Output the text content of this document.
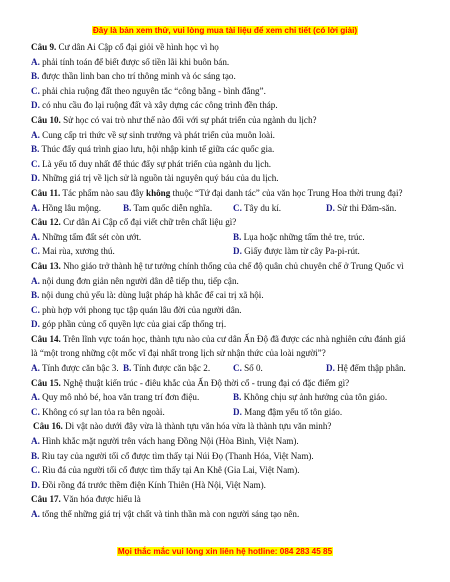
Đây là bản xem thử, vui lòng mua tài liệu để xem chi tiết (có lời giải)
Câu 9. Cư dân Ai Cập cổ đại giỏi về hình học vì họ
A. phải tính toán để biết được số tiền lãi khi buôn bán.
B. được thần linh ban cho trí thông minh và óc sáng tạo.
C. phải chia ruộng đất theo nguyên tắc “công bằng - bình đẳng”.
D. có nhu cầu đo lại ruộng đất và xây dựng các công trình đền tháp.
Câu 10. Sử học có vai trò như thế nào đối với sự phát triển của ngành du lịch?
A. Cung cấp tri thức về sự sinh trưởng và phát triển của muôn loài.
B. Thúc đẩy quá trình giao lưu, hội nhập kinh tế giữa các quốc gia.
C. Là yếu tố duy nhất để thúc đẩy sự phát triển của ngành du lịch.
D. Những giá trị về lịch sử là nguồn tài nguyên quý báu của du lịch.
Câu 11. Tác phẩm nào sau đây không thuộc “Tứ đại danh tác” của văn học Trung Hoa thời trung đại?
A. Hồng lâu mộng.	B. Tam quốc diễn nghĩa.	C. Tây du kí.	D. Sử thi Đăm-săn.
Câu 12. Cư dân Ai Cập cổ đại viết chữ trên chất liệu gì?
A. Những tấm đất sét còn ướt.	B. Lụa hoặc những tấm thẻ tre, trúc.
C. Mai rùa, xương thú.	D. Giấy được làm từ cây Pa-pi-rút.
Câu 13. Nho giáo trở thành hệ tư tưởng chính thống của chế độ quân chủ chuyên chế ở Trung Quốc vì
A. nội dung đơn giản nên người dân dễ tiếp thu, tiếp cận.
B. nội dung chủ yếu là: dùng luật pháp hà khắc để cai trị xã hội.
C. phù hợp với phong tục tập quán lâu đời của người dân.
D. góp phần củng cố quyền lực của giai cấp thống trị.
Câu 14. Trên lĩnh vực toán học, thành tựu nào của cư dân Ấn Độ đã được các nhà nghiên cứu đánh giá
là “một trong những cột mốc vĩ đại nhất trong lịch sử nhận thức của loài người”?
A. Tính được căn bậc 3. B. Tính được căn bậc 2.	C. Số 0.	D. Hệ đếm thập phân.
Câu 15. Nghệ thuật kiến trúc - điêu khắc của Ấn Độ thời cổ - trung đại có đặc điểm gì?
A. Quy mô nhỏ bé, hoa văn trang trí đơn điệu.	B. Không chịu sự ảnh hưởng của tôn giáo.
C. Không có sự lan tỏa ra bên ngoài.	D. Mang đậm yếu tố tôn giáo.
Câu 16. Di vật nào dưới đây vừa là thành tựu văn hóa vừa là thành tựu văn minh?
A. Hình khắc mặt người trên vách hang Đồng Nội (Hòa Bình, Việt Nam).
B. Rìu tay của người tối cổ được tìm thấy tại Núi Đọ (Thanh Hóa, Việt Nam).
C. Rìu đá của người tối cổ được tìm thấy tại An Khê (Gia Lai, Việt Nam).
D. Đồi rồng đá trước thềm điện Kính Thiên (Hà Nội, Việt Nam).
Câu 17. Văn hóa được hiểu là
A. tổng thể những giá trị vật chất và tinh thần mà con người sáng tạo nên.
Mọi thắc mắc vui lòng xin liên hệ hotline: 084 283 45 85
